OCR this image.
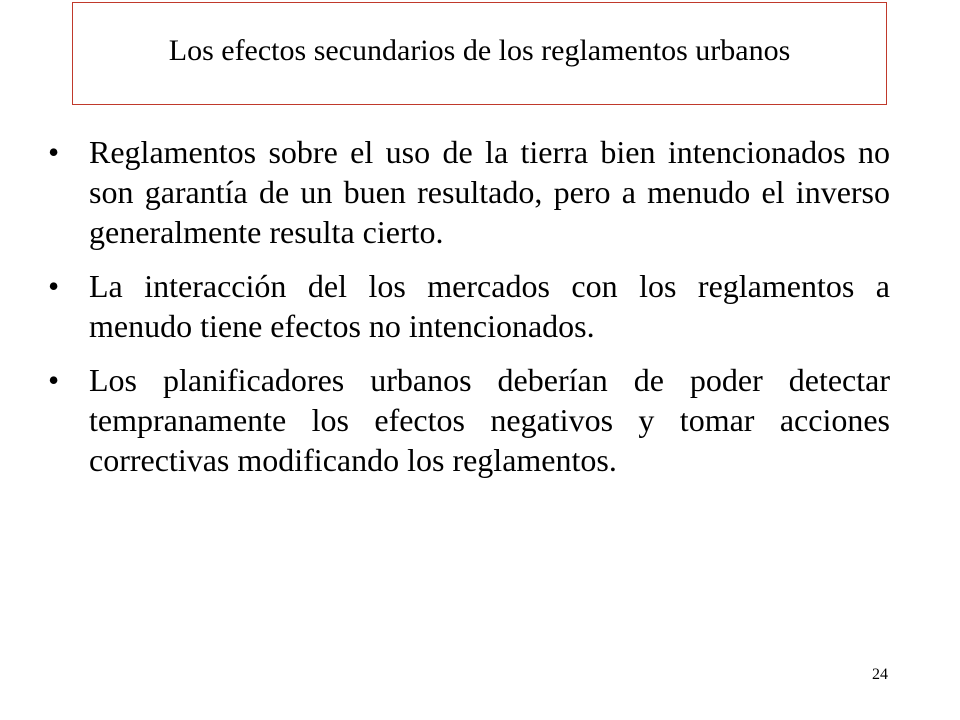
Los efectos secundarios de los reglamentos urbanos
• Reglamentos sobre el uso de la tierra bien intencionados no son garantía de un buen resultado, pero a menudo el inverso generalmente resulta cierto.
• La interacción del los mercados con los reglamentos a menudo tiene efectos no intencionados.
• Los planificadores urbanos deberían de poder detectar tempranamente los efectos negativos y tomar acciones correctivas modificando los reglamentos.
24
